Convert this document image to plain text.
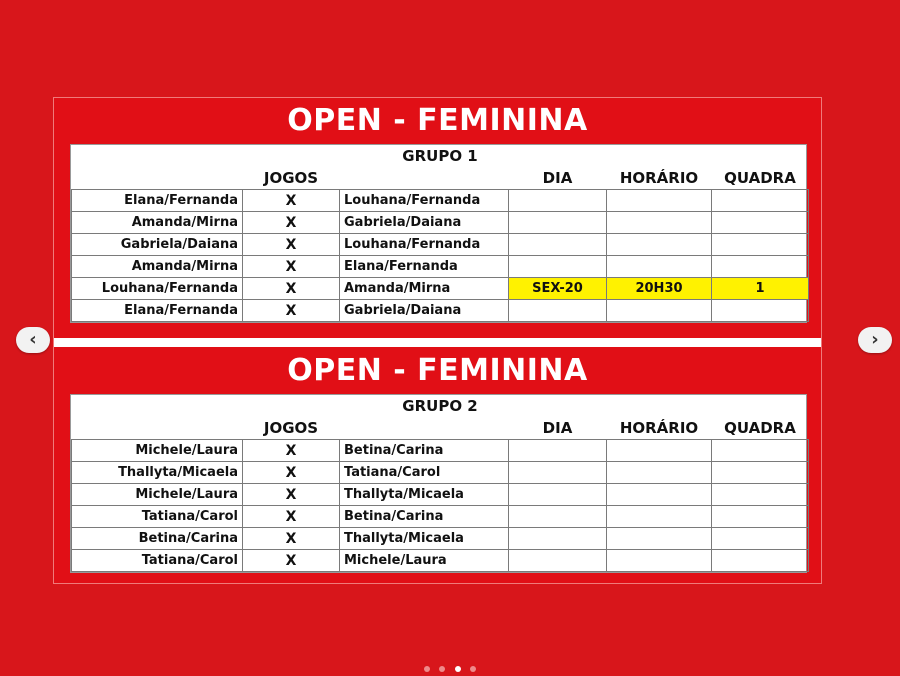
OPEN - FEMININA
GRUPO 1					
	JOGOS		DIA	HORÁRIO	QUADRA
Elana/Fernanda	X	Louhana/Fernanda			
Amanda/Mirna	X	Gabriela/Daiana			
Gabriela/Daiana	X	Louhana/Fernanda			
Amanda/Mirna	X	Elana/Fernanda			
Louhana/Fernanda	X	Amanda/Mirna	SEX-20	20H30	1
Elana/Fernanda	X	Gabriela/Daiana			
OPEN - FEMININA
GRUPO 2					
	JOGOS		DIA	HORÁRIO	QUADRA
Michele/Laura	X	Betina/Carina			
Thallyta/Micaela	X	Tatiana/Carol			
Michele/Laura	X	Thallyta/Micaela			
Tatiana/Carol	X	Betina/Carina			
Betina/Carina	X	Thallyta/Micaela			
Tatiana/Carol	X	Michele/Laura			
‹	›
